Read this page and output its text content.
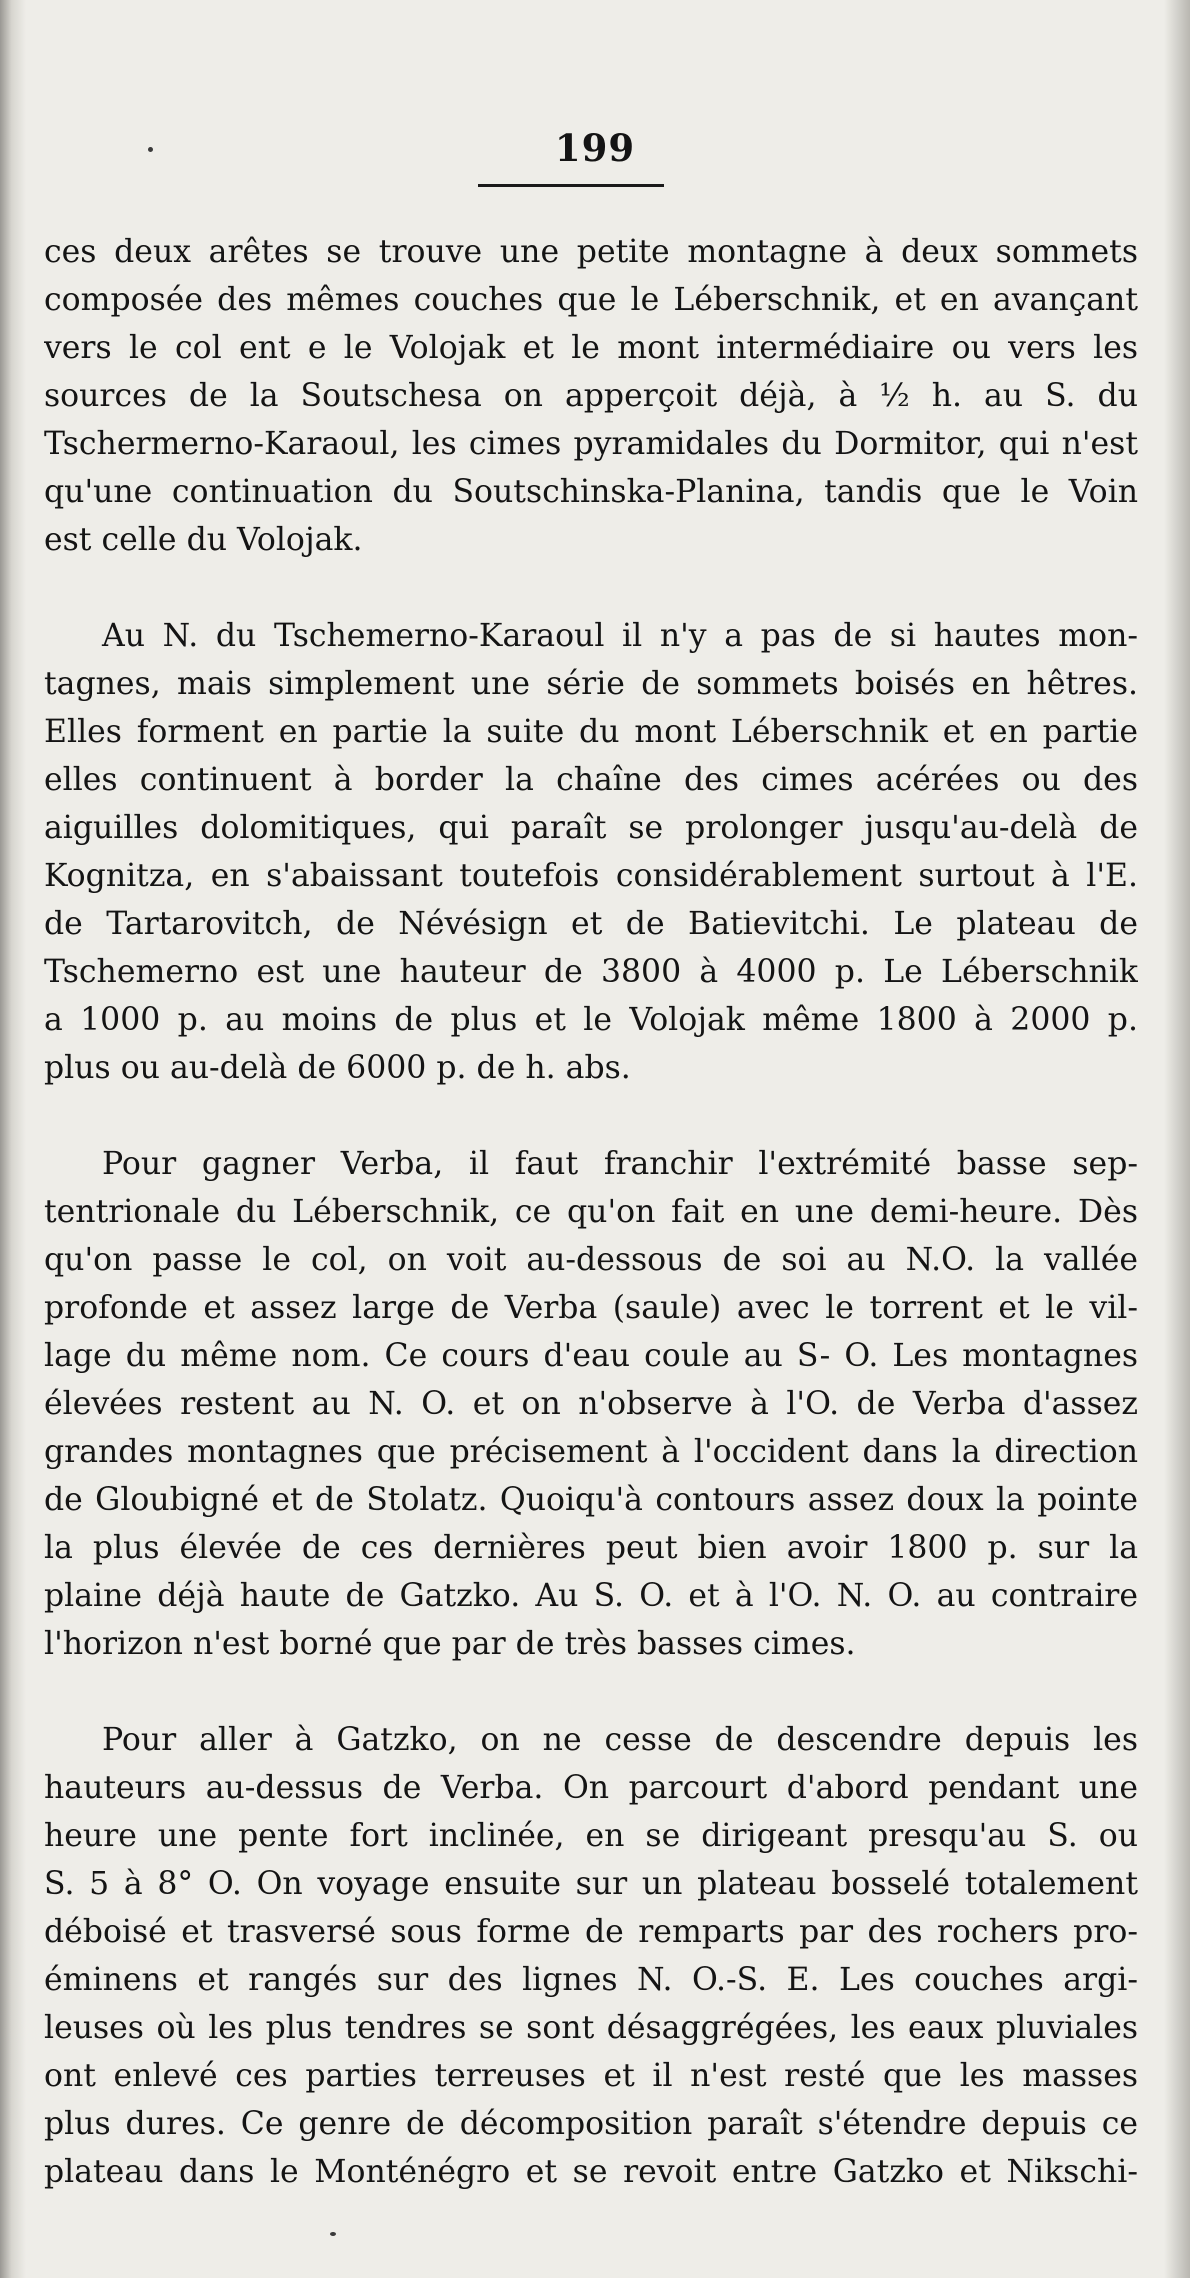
199
ces deux arêtes se trouve une petite montagne à deux sommets
composée des mêmes couches que le Léberschnik, et en avançant
vers le col ent e le Volojak et le mont intermédiaire ou vers les
sources de la Soutschesa on apperçoit déjà, à ½ h. au S. du
Tschermerno-Karaoul, les cimes pyramidales du Dormitor, qui n'est
qu'une continuation du Soutschinska-Planina, tandis que le Voin
est celle du Volojak.
Au N. du Tschemerno-Karaoul il n'y a pas de si hautes mon-
tagnes, mais simplement une série de sommets boisés en hêtres.
Elles forment en partie la suite du mont Léberschnik et en partie
elles continuent à border la chaîne des cimes acérées ou des
aiguilles dolomitiques, qui paraît se prolonger jusqu'au-delà de
Kognitza, en s'abaissant toutefois considérablement surtout à l'E.
de Tartarovitch, de Névésign et de Batievitchi. Le plateau de
Tschemerno est une hauteur de 3800 à 4000 p. Le Léberschnik
a 1000 p. au moins de plus et le Volojak même 1800 à 2000 p.
plus ou au-delà de 6000 p. de h. abs.
Pour gagner Verba, il faut franchir l'extrémité basse sep-
tentrionale du Léberschnik, ce qu'on fait en une demi-heure. Dès
qu'on passe le col, on voit au-dessous de soi au N.O. la vallée
profonde et assez large de Verba (saule) avec le torrent et le vil-
lage du même nom. Ce cours d'eau coule au S- O. Les montagnes
élevées restent au N. O. et on n'observe à l'O. de Verba d'assez
grandes montagnes que précisement à l'occident dans la direction
de Gloubigné et de Stolatz. Quoiqu'à contours assez doux la pointe
la plus élevée de ces dernières peut bien avoir 1800 p. sur la
plaine déjà haute de Gatzko. Au S. O. et à l'O. N. O. au contraire
l'horizon n'est borné que par de très basses cimes.
Pour aller à Gatzko, on ne cesse de descendre depuis les
hauteurs au-dessus de Verba. On parcourt d'abord pendant une
heure une pente fort inclinée, en se dirigeant presqu'au S. ou
S. 5 à 8° O. On voyage ensuite sur un plateau bosselé totalement
déboisé et trasversé sous forme de remparts par des rochers pro-
éminens et rangés sur des lignes N. O.-S. E. Les couches argi-
leuses où les plus tendres se sont désaggrégées, les eaux pluviales
ont enlevé ces parties terreuses et il n'est resté que les masses
plus dures. Ce genre de décomposition paraît s'étendre depuis ce
plateau dans le Monténégro et se revoit entre Gatzko et Nikschi-
